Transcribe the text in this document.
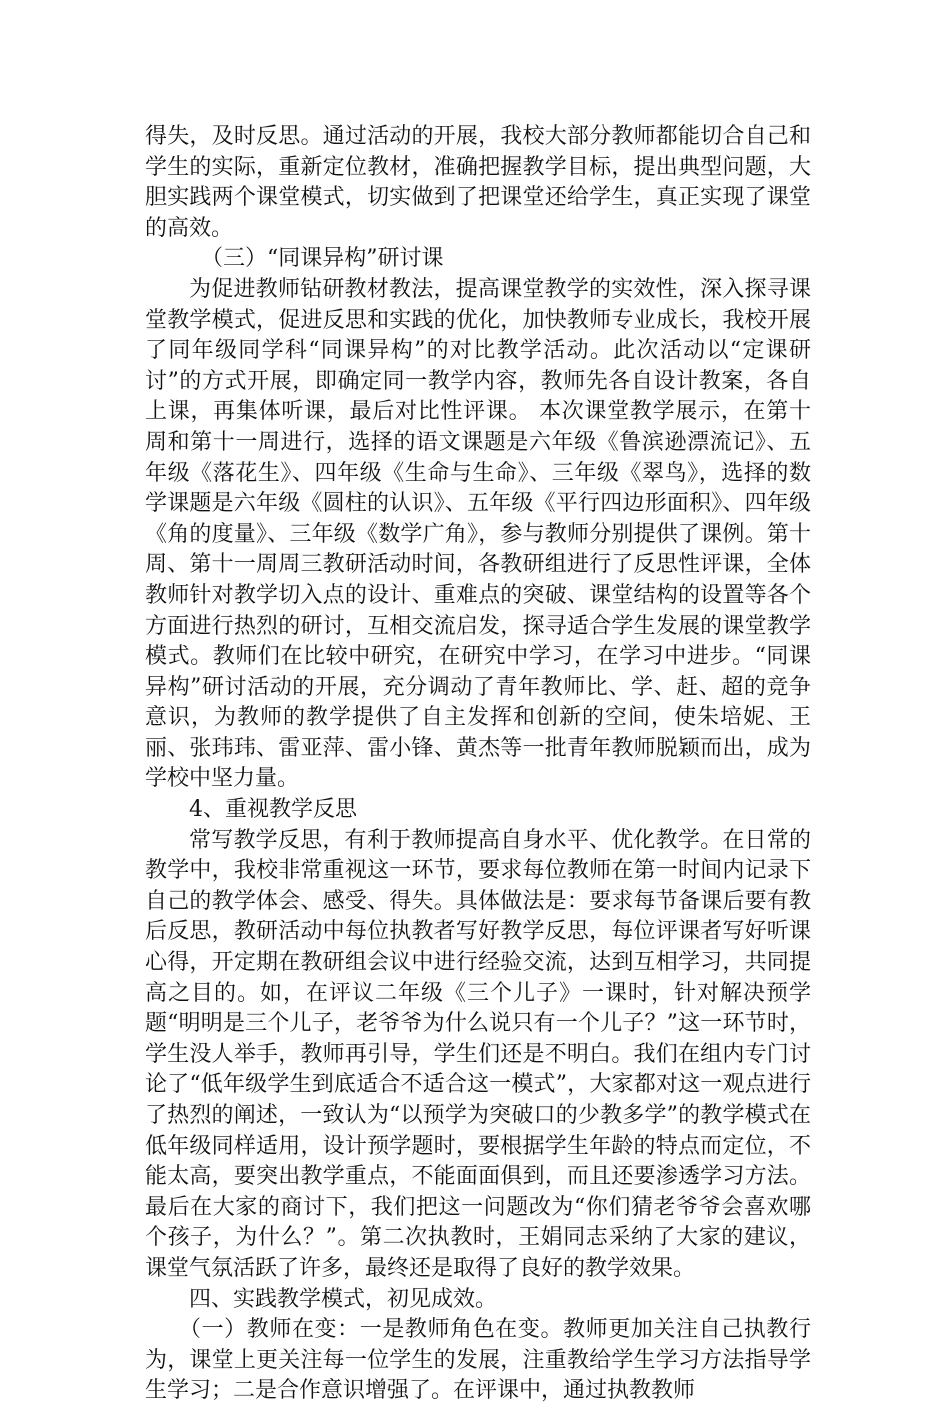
得失，及时反思。通过活动的开展，我校大部分教师都能切合自己和学生的实际，重新定位教材，准确把握教学目标，提出典型问题，大胆实践两个课堂模式，切实做到了把课堂还给学生，真正实现了课堂的高效。

（三）“同课异构”研讨课

为促进教师钻研教材教法，提高课堂教学的实效性，深入探寻课堂教学模式，促进反思和实践的优化，加快教师专业成长，我校开展了同年级同学科“同课异构”的对比教学活动。此次活动以“定课研讨”的方式开展，即确定同一教学内容，教师先各自设计教案，各自上课，再集体听课，最后对比性评课。 本次课堂教学展示，在第十周和第十一周进行，选择的语文课题是六年级《鲁滨逊漂流记》、五年级《落花生》、四年级《生命与生命》、三年级《翠鸟》，选择的数学课题是六年级《圆柱的认识》、五年级《平行四边形面积》、四年级《角的度量》、三年级《数学广角》，参与教师分别提供了课例。第十周、第十一周周三教研活动时间，各教研组进行了反思性评课，全体教师针对教学切入点的设计、重难点的突破、课堂结构的设置等各个方面进行热烈的研讨，互相交流启发，探寻适合学生发展的课堂教学模式。教师们在比较中研究，在研究中学习，在学习中进步。“同课异构”研讨活动的开展，充分调动了青年教师比、学、赶、超的竞争意识，为教师的教学提供了自主发挥和创新的空间，使朱培妮、王丽、张玮玮、雷亚萍、雷小锋、黄杰等一批青年教师脱颖而出，成为学校中坚力量。

4、重视教学反思

常写教学反思，有利于教师提高自身水平、优化教学。在日常的教学中，我校非常重视这一环节，要求每位教师在第一时间内记录下自己的教学体会、感受、得失。具体做法是：要求每节备课后要有教后反思，教研活动中每位执教者写好教学反思，每位评课者写好听课心得，开定期在教研组会议中进行经验交流，达到互相学习，共同提高之目的。如，在评议二年级《三个儿子》一课时，针对解决预学题“明明是三个儿子，老爷爷为什么说只有一个儿子？”这一环节时，学生没人举手，教师再引导，学生们还是不明白。我们在组内专门讨论了“低年级学生到底适合不适合这一模式”，大家都对这一观点进行了热烈的阐述，一致认为“以预学为突破口的少教多学”的教学模式在低年级同样适用，设计预学题时，要根据学生年龄的特点而定位，不能太高，要突出教学重点，不能面面俱到，而且还要渗透学习方法。最后在大家的商讨下，我们把这一问题改为“你们猜老爷爷会喜欢哪个孩子，为什么？”。第二次执教时，王娟同志采纳了大家的建议，课堂气氛活跃了许多，最终还是取得了良好的教学效果。

四、实践教学模式，初见成效。

（一）教师在变：一是教师角色在变。教师更加关注自己执教行为，课堂上更关注每一位学生的发展，注重教给学生学习方法指导学生学习；二是合作意识增强了。在评课中，通过执教教师
